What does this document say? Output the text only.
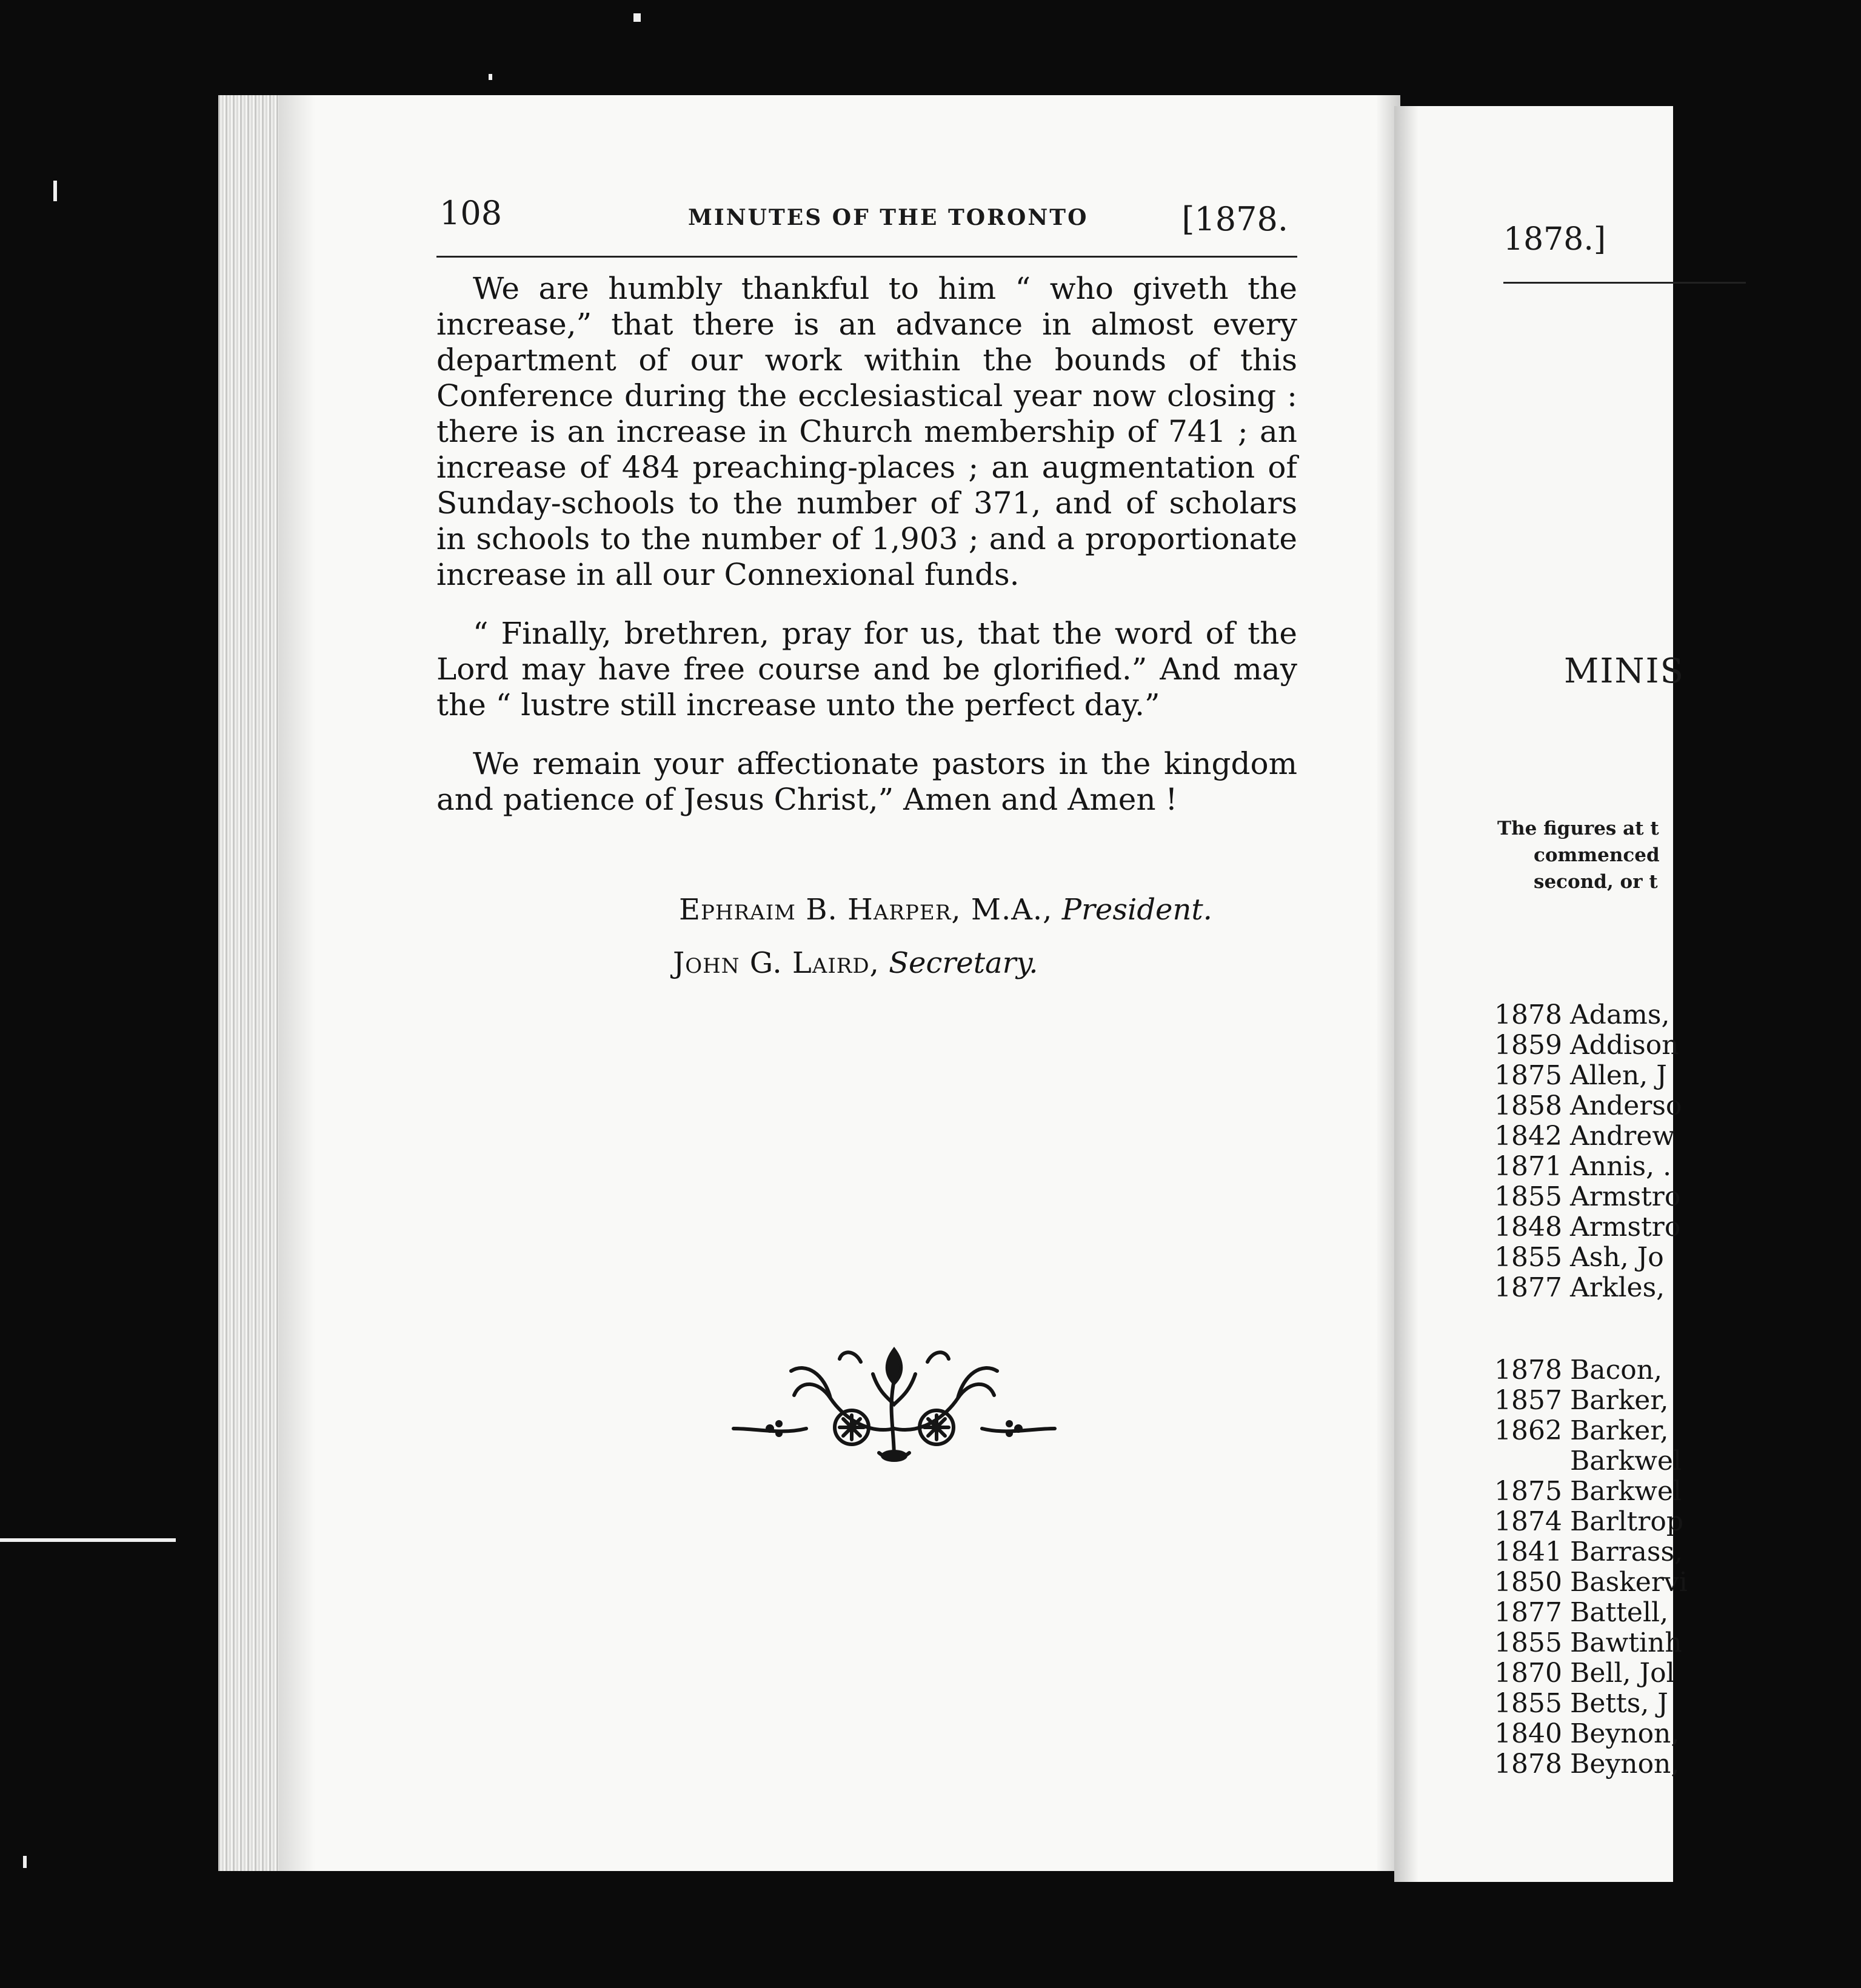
108	MINUTES OF THE TORONTO	[1878.

We are humbly thankful to him “ who giveth the increase,” that there is an advance in almost every department of our work within the bounds of this Conference during the ecclesiastical year now closing : there is an increase in Church membership of 741 ; an increase of 484 preaching-places ; an augmentation of Sunday-schools to the number of 371, and of scholars in schools to the number of 1,903 ; and a proportionate increase in all our Connexional funds.

“ Finally, brethren, pray for us, that the word of the Lord may have free course and be glorified.” And may the “ lustre still increase unto the perfect day.”

We remain your affectionate pastors in the kingdom and patience of Jesus Christ,” Amen and Amen !

Ephraim B. Harper, M.A., President.
John G. Laird, Secretary.
1878.]
MINIS
The figures at t
commenced
second, or t
1878 Adams,
1859 Addison
1875 Allen, J
1858 Anderso
1842 Andrew
1871 Annis, .
1855 Armstro
1848 Armstro
1855 Ash, Jo
1877 Arkles,
1878 Bacon,
1857 Barker,
1862 Barker,
Barkwel
1875 Barkwel
1874 Barltrop
1841 Barrass,
1850 Baskervi
1877 Battell,
1855 Bawtinh
1870 Bell, Jol
1855 Betts, J
1840 Beynon,
1878 Beynon,
